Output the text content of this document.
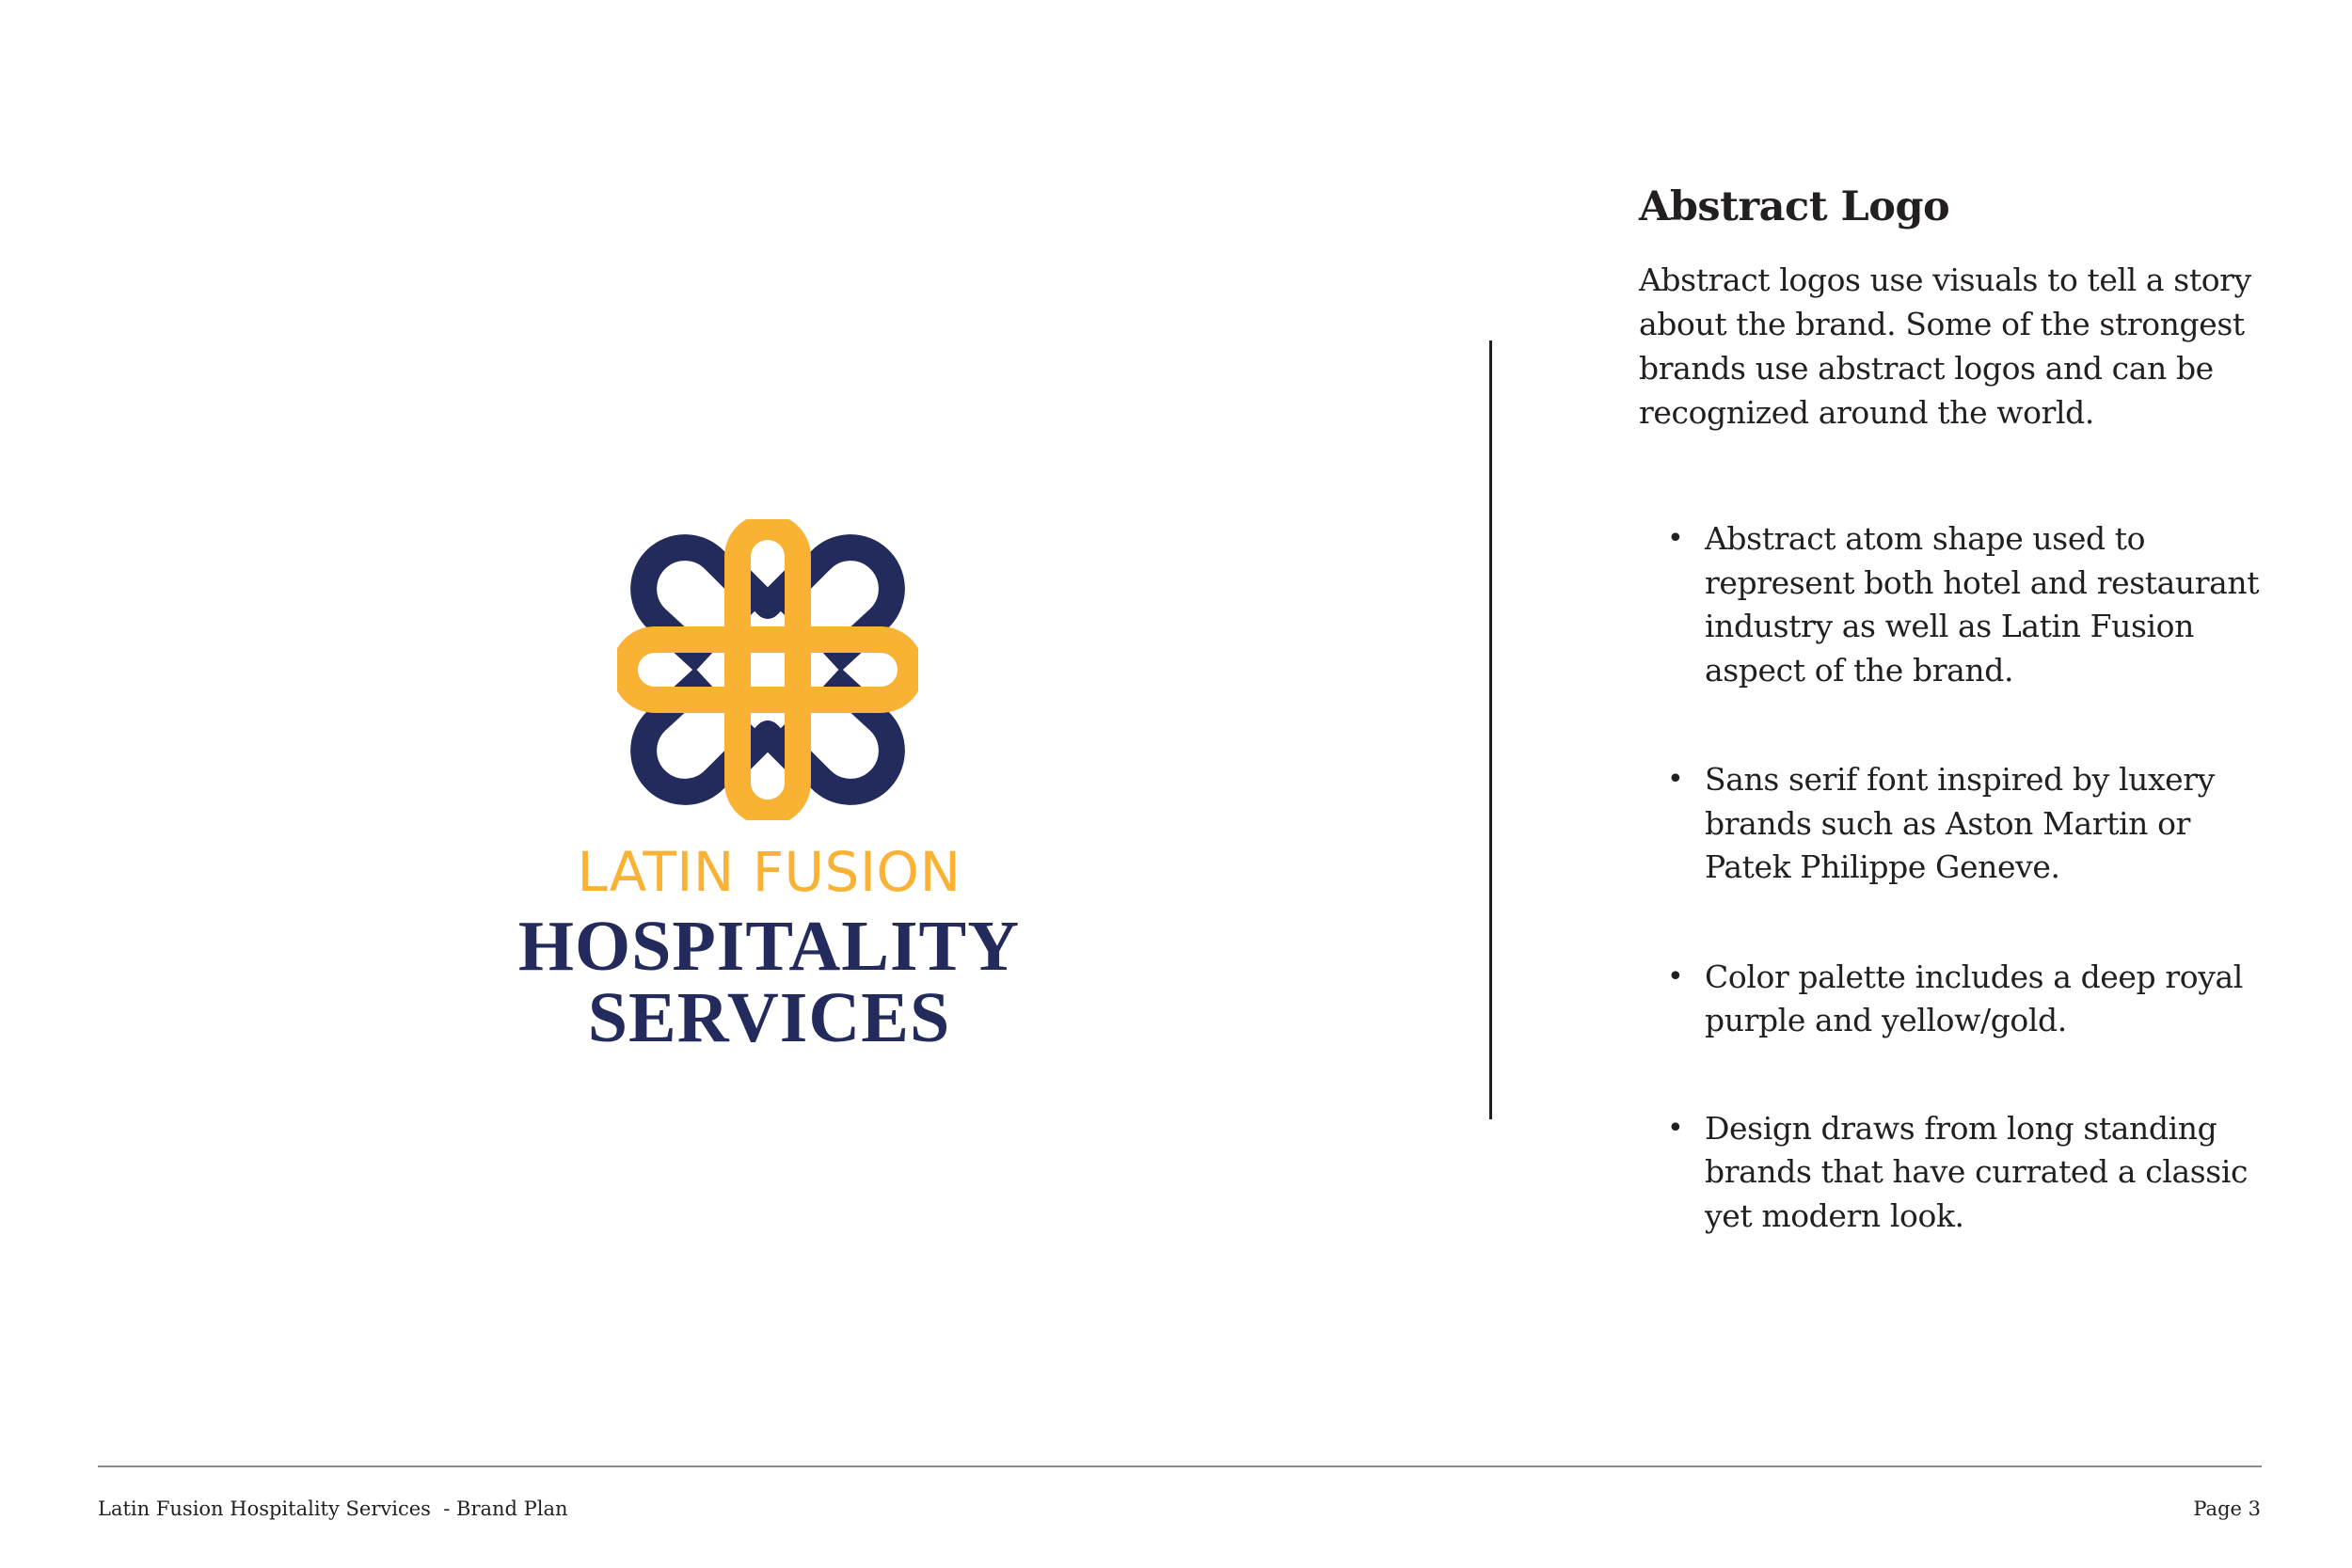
LATIN FUSION
HOSPITALITY SERVICES
Abstract Logo

Abstract logos use visuals to tell a story about the brand. Some of the strongest brands use abstract logos and can be recognized around the world.

• Abstract atom shape used to represent both hotel and restaurant industry as well as Latin Fusion aspect of the brand.
• Sans serif font inspired by luxery brands such as Aston Martin or Patek Philippe Geneve.
• Color palette includes a deep royal purple and yellow/gold.
• Design draws from long standing brands that have currated a classic yet modern look.
Latin Fusion Hospitality Services  - Brand Plan	Page 3
